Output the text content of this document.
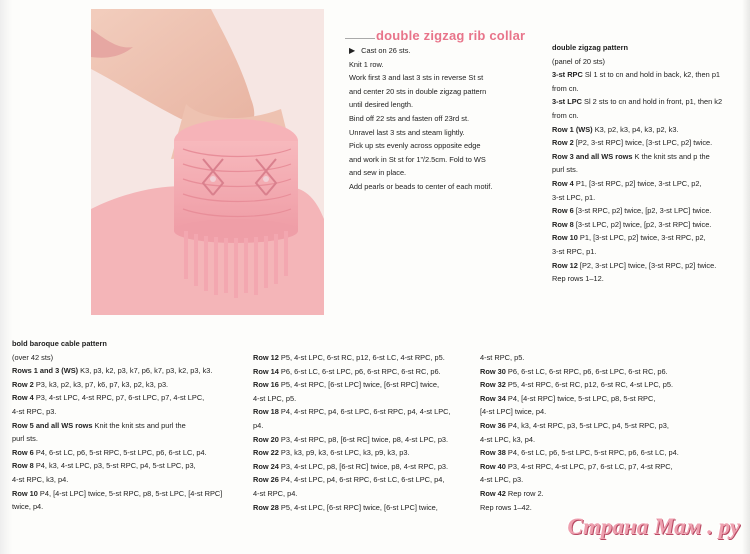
double zigzag rib collar

▶ Cast on 26 sts.

Knit 1 row.

Work first 3 and last 3 sts in reverse St st

and center 20 sts in double zigzag pattern

until desired length.

Bind off 22 sts and fasten off 23rd st.

Unravel last 3 sts and steam lightly.

Pick up sts evenly across opposite edge

and work in St st for 1”/2.5cm. Fold to WS

and sew in place.

Add pearls or beads to center of each motif.

double zigzag pattern

(panel of 20 sts)

3-st RPC Sl 1 st to cn and hold in back, k2, then p1

from cn.

3-st LPC Sl 2 sts to cn and hold in front, p1, then k2

from cn.

Row 1 (WS) K3, p2, k3, p4, k3, p2, k3.

Row 2 [P2, 3-st RPC] twice, [3-st LPC, p2] twice.

Row 3 and all WS rows K the knit sts and p the

purl sts.

Row 4 P1, [3-st RPC, p2] twice, 3-st LPC, p2,

3-st LPC, p1.

Row 6 [3-st RPC, p2] twice, [p2, 3-st LPC] twice.

Row 8 [3-st LPC, p2] twice, [p2, 3-st RPC] twice.

Row 10 P1, [3-st LPC, p2] twice, 3-st RPC, p2,

3-st RPC, p1.

Row 12 [P2, 3-st LPC] twice, [3-st RPC, p2] twice.

Rep rows 1–12.

bold baroque cable pattern

(over 42 sts)

Rows 1 and 3 (WS) K3, p3, k2, p3, k7, p6, k7, p3, k2, p3, k3.

Row 2 P3, k3, p2, k3, p7, k6, p7, k3, p2, k3, p3.

Row 4 P3, 4-st LPC, 4-st RPC, p7, 6-st LPC, p7, 4-st LPC,

4-st RPC, p3.

Row 5 and all WS rows Knit the knit sts and purl the

purl sts.

Row 6 P4, 6-st LC, p6, 5-st RPC, 5-st LPC, p6, 6-st LC, p4.

Row 8 P4, k3, 4-st LPC, p3, 5-st RPC, p4, 5-st LPC, p3,

4-st RPC, k3, p4.

Row 10 P4, [4-st LPC] twice, 5-st RPC, p8, 5-st LPC, [4-st RPC]

twice, p4.

Row 12 P5, 4-st LPC, 6-st RC, p12, 6-st LC, 4-st RPC, p5.

Row 14 P6, 6-st LC, 6-st LPC, p6, 6-st RPC, 6-st RC, p6.

Row 16 P5, 4-st RPC, [6-st LPC] twice, [6-st RPC] twice,

4-st LPC, p5.

Row 18 P4, 4-st RPC, p4, 6-st LPC, 6-st RPC, p4, 4-st LPC,

p4.

Row 20 P3, 4-st RPC, p8, [6-st RC] twice, p8, 4-st LPC, p3.

Row 22 P3, k3, p9, k3, 6-st LPC, k3, p9, k3, p3.

Row 24 P3, 4-st LPC, p8, [6-st RC] twice, p8, 4-st RPC, p3.

Row 26 P4, 4-st LPC, p4, 6-st RPC, 6-st LC, 6-st LPC, p4,

4-st RPC, p4.

Row 28 P5, 4-st LPC, [6-st RPC] twice, [6-st LPC] twice,

4-st RPC, p5.

Row 30 P6, 6-st LC, 6-st RPC, p6, 6-st LPC, 6-st RC, p6.

Row 32 P5, 4-st RPC, 6-st RC, p12, 6-st RC, 4-st LPC, p5.

Row 34 P4, [4-st RPC] twice, 5-st LPC, p8, 5-st RPC,

[4-st LPC] twice, p4.

Row 36 P4, k3, 4-st RPC, p3, 5-st LPC, p4, 5-st RPC, p3,

4-st LPC, k3, p4.

Row 38 P4, 6-st LC, p6, 5-st LPC, 5-st RPC, p6, 6-st LC, p4.

Row 40 P3, 4-st RPC, 4-st LPC, p7, 6-st LC, p7, 4-st RPC,

4-st LPC, p3.

Row 42 Rep row 2.

Rep rows 1–42.

Страна Мам . ру
